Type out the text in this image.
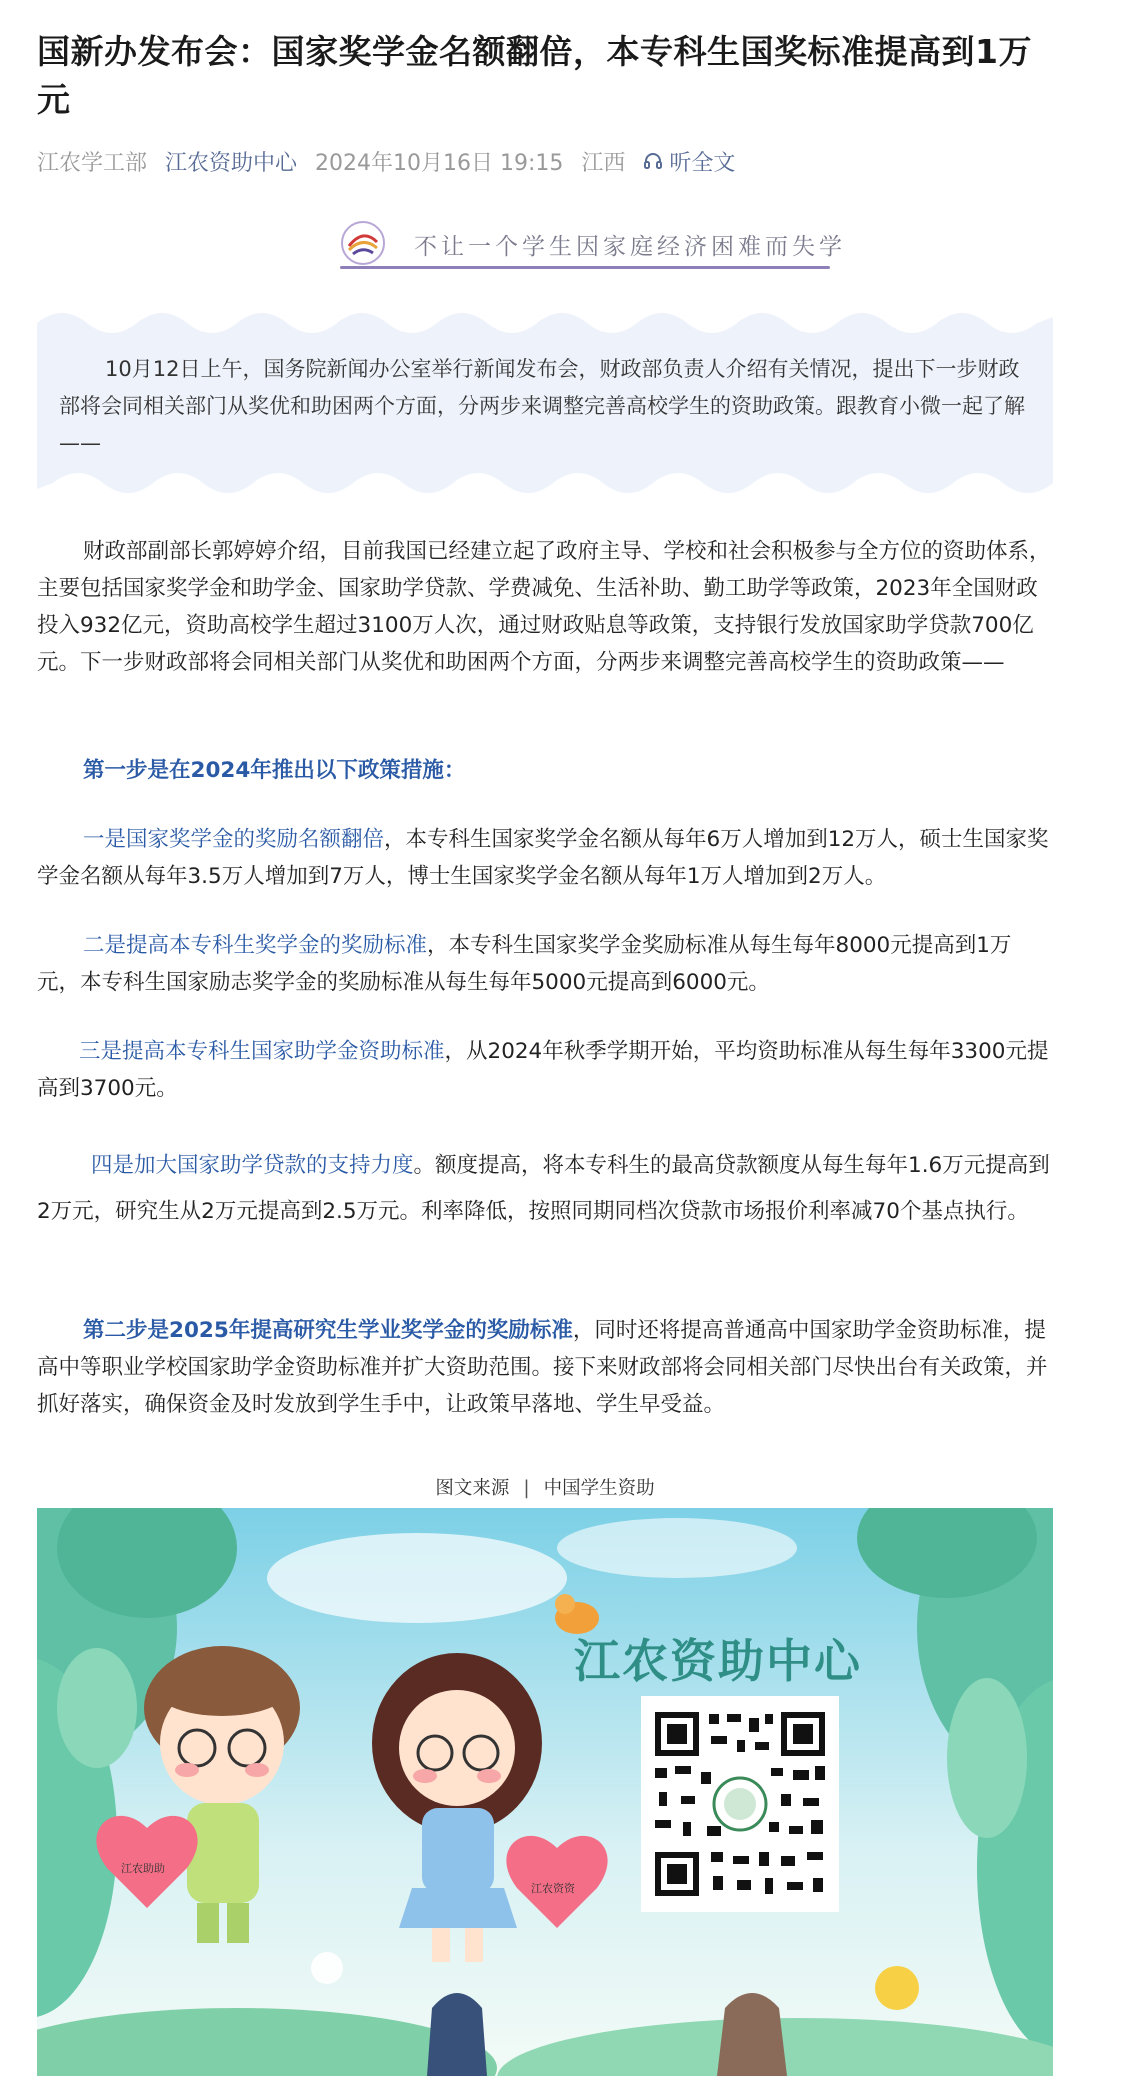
国新办发布会：国家奖学金名额翻倍，本专科生国奖标准提高到1万元
江农学工部 江农资助中心 2024年10月16日 19:15 江西 听全文
不让一个学生因家庭经济困难而失学

10月12日上午，国务院新闻办公室举行新闻发布会，财政部负责人介绍有关情况，提出下一步财政部将会同相关部门从奖优和助困两个方面，分两步来调整完善高校学生的资助政策。跟教育小微一起了解——

财政部副部长郭婷婷介绍，目前我国已经建立起了政府主导、学校和社会积极参与全方位的资助体系，主要包括国家奖学金和助学金、国家助学贷款、学费减免、生活补助、勤工助学等政策，2023年全国财政投入932亿元，资助高校学生超过3100万人次，通过财政贴息等政策，支持银行发放国家助学贷款700亿元。下一步财政部将会同相关部门从奖优和助困两个方面，分两步来调整完善高校学生的资助政策——

第一步是在2024年推出以下政策措施：

一是国家奖学金的奖励名额翻倍，本专科生国家奖学金名额从每年6万人增加到12万人，硕士生国家奖学金名额从每年3.5万人增加到7万人，博士生国家奖学金名额从每年1万人增加到2万人。

二是提高本专科生奖学金的奖励标准，本专科生国家奖学金奖励标准从每生每年8000元提高到1万元，本专科生国家励志奖学金的奖励标准从每生每年5000元提高到6000元。

三是提高本专科生国家助学金资助标准，从2024年秋季学期开始，平均资助标准从每生每年3300元提高到3700元。

四是加大国家助学贷款的支持力度。额度提高，将本专科生的最高贷款额度从每生每年1.6万元提高到2万元，研究生从2万元提高到2.5万元。利率降低，按照同期同档次贷款市场报价利率减70个基点执行。

第二步是2025年提高研究生学业奖学金的奖励标准，同时还将提高普通高中国家助学金资助标准，提高中等职业学校国家助学金资助标准并扩大资助范围。接下来财政部将会同相关部门尽快出台有关政策，并抓好落实，确保资金及时发放到学生手中，让政策早落地、学生早受益。

图文来源 | 中国学生资助
江农助助
江农资资
江农资助中心
